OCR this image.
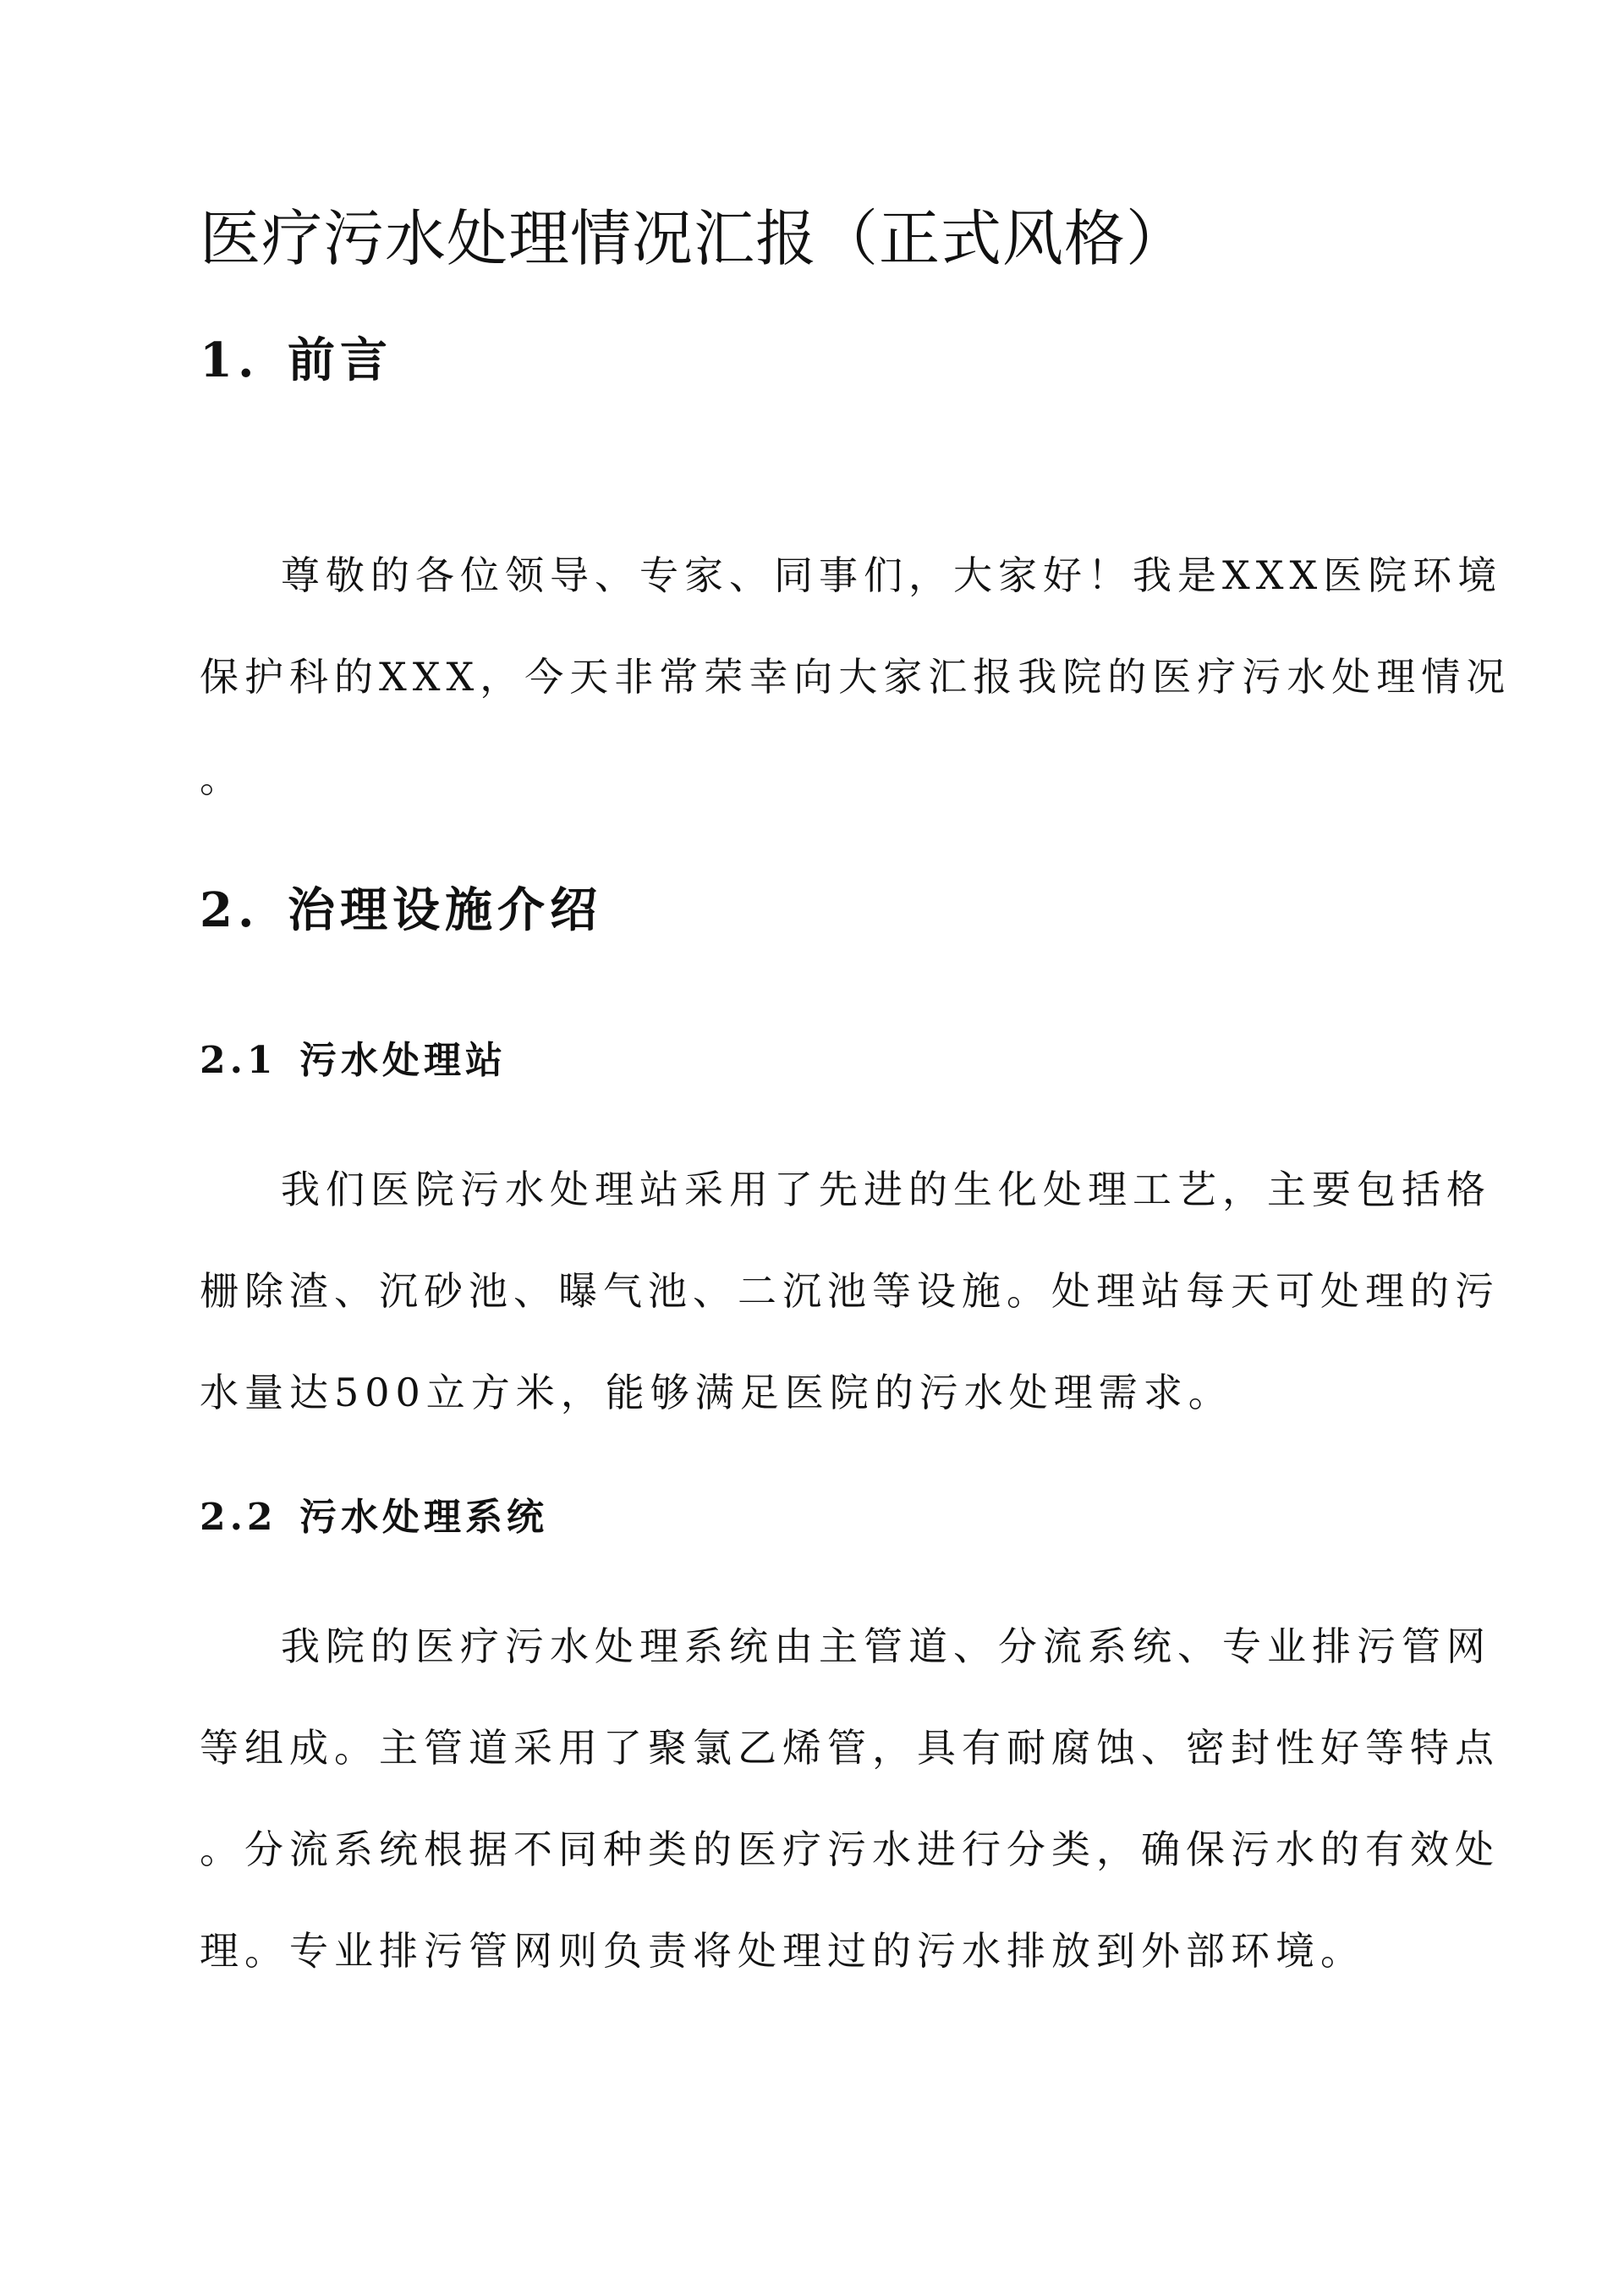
医疗污水处理情况汇报（正式风格）
1. 前言
尊敬的各位领导、专家、同事们，大家好！我是XXX医院环境
保护科的XXX，今天非常荣幸向大家汇报我院的医疗污水处理情况
。
2. 治理设施介绍
2.1 污水处理站
我们医院污水处理站采用了先进的生化处理工艺，主要包括格
栅除渣、沉砂池、曝气池、二沉池等设施。处理站每天可处理的污
水量达500立方米，能够满足医院的污水处理需求。
2.2 污水处理系统
我院的医疗污水处理系统由主管道、分流系统、专业排污管网
等组成。主管道采用了聚氯乙烯管，具有耐腐蚀、密封性好等特点
。分流系统根据不同种类的医疗污水进行分类，确保污水的有效处
理。专业排污管网则负责将处理过的污水排放到外部环境。
